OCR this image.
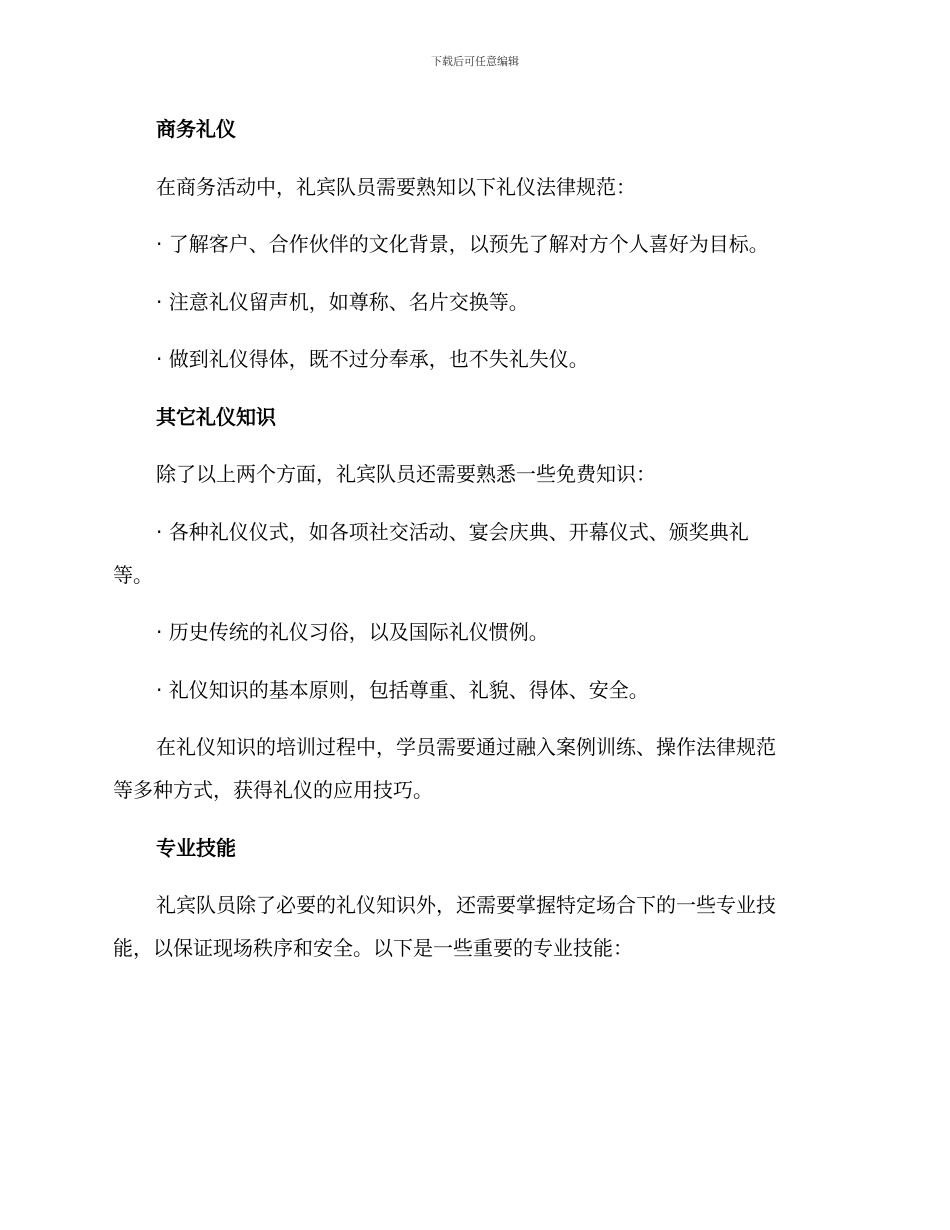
下载后可任意编辑
商务礼仪
在商务活动中，礼宾队员需要熟知以下礼仪法律规范：
· 了解客户、合作伙伴的文化背景，以预先了解对方个人喜好为目标。
· 注意礼仪留声机，如尊称、名片交换等。
· 做到礼仪得体，既不过分奉承，也不失礼失仪。
其它礼仪知识
除了以上两个方面，礼宾队员还需要熟悉一些免费知识：
· 各种礼仪仪式，如各项社交活动、宴会庆典、开幕仪式、颁奖典礼
等。
· 历史传统的礼仪习俗，以及国际礼仪惯例。
· 礼仪知识的基本原则，包括尊重、礼貌、得体、安全。
在礼仪知识的培训过程中，学员需要通过融入案例训练、操作法律规范
等多种方式，获得礼仪的应用技巧。
专业技能
礼宾队员除了必要的礼仪知识外，还需要掌握特定场合下的一些专业技
能，以保证现场秩序和安全。以下是一些重要的专业技能：
